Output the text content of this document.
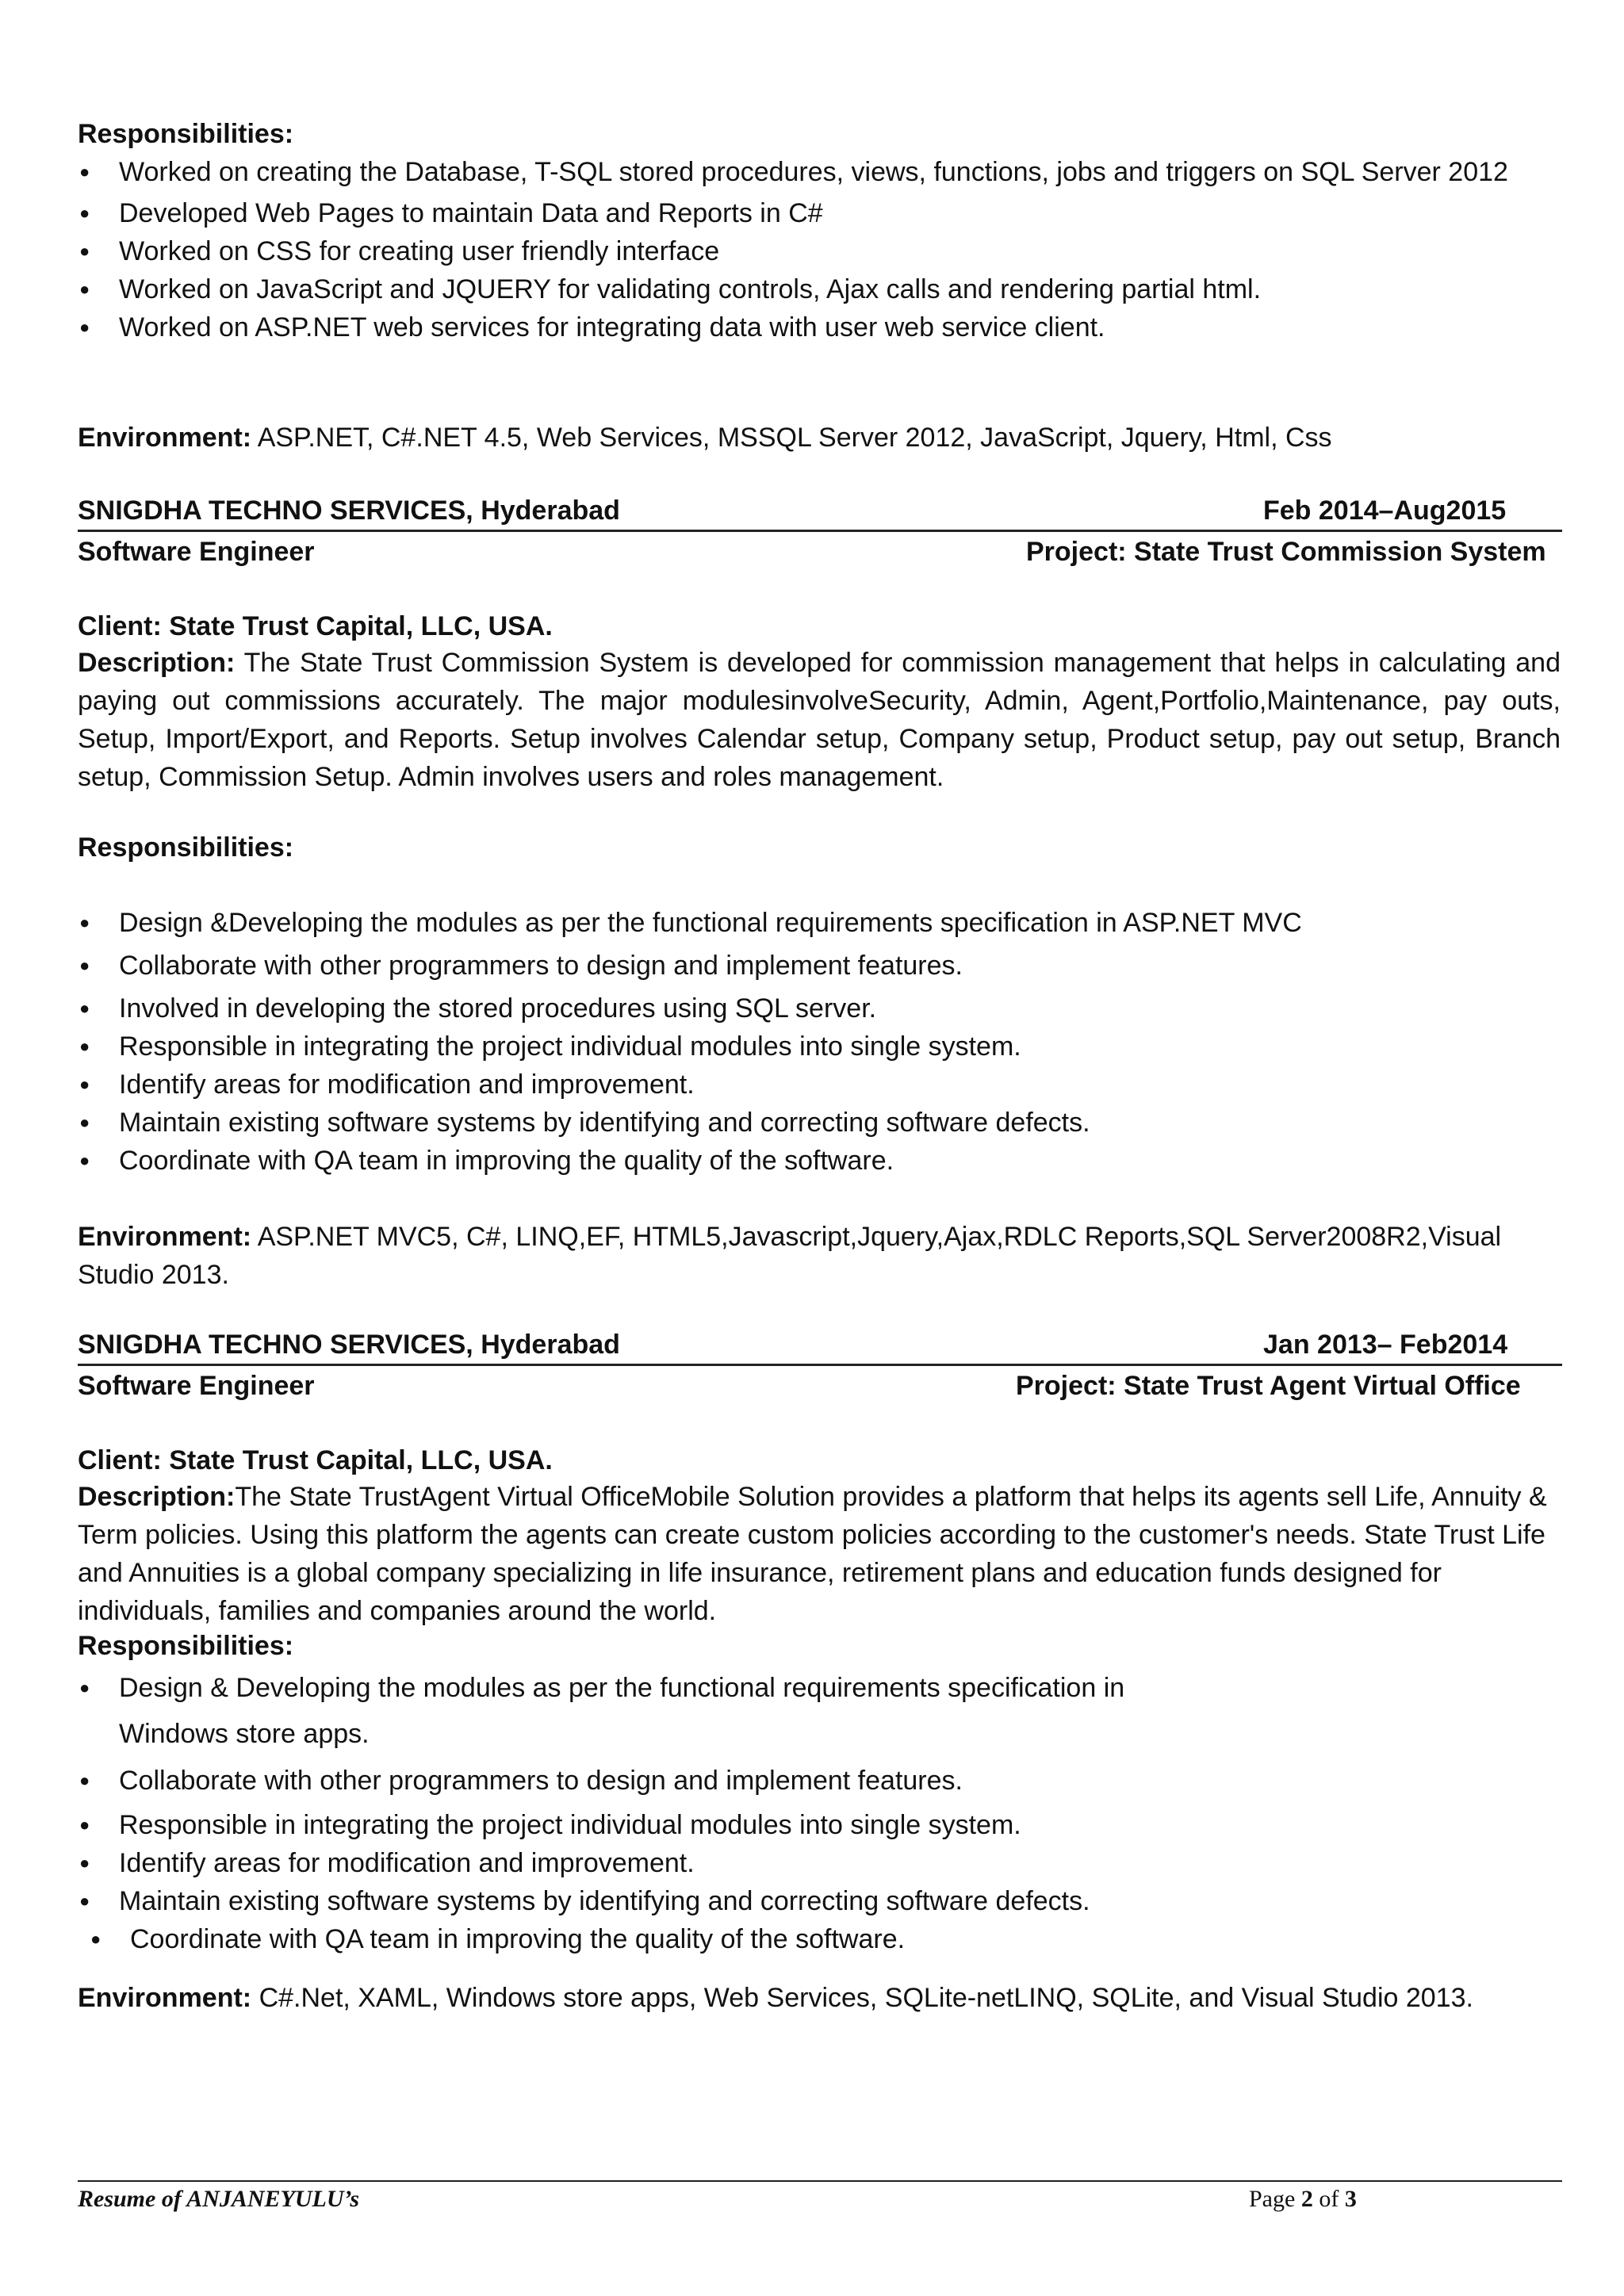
Responsibilities:
● Worked on creating the Database, T-SQL stored procedures, views, functions, jobs and triggers on SQL Server 2012
● Developed Web Pages to maintain Data and Reports in C#
● Worked on CSS for creating user friendly interface
● Worked on JavaScript and JQUERY for validating controls, Ajax calls and rendering partial html.
● Worked on ASP.NET web services for integrating data with user web service client.
Environment: ASP.NET, C#.NET 4.5, Web Services, MSSQL Server 2012, JavaScript, Jquery, Html, Css
SNIGDHA TECHNO SERVICES, Hyderabad	Feb 2014–Aug2015
Software Engineer	Project: State Trust Commission System
Client: State Trust Capital, LLC, USA.
Description: The State Trust Commission System is developed for commission management that helps in calculating and paying out commissions accurately. The major modulesinvolveSecurity, Admin, Agent,Portfolio,Maintenance, pay outs, Setup, Import/Export, and Reports. Setup involves Calendar setup, Company setup, Product setup, pay out setup, Branch setup, Commission Setup. Admin involves users and roles management.
Responsibilities:
● Design &Developing the modules as per the functional requirements specification in ASP.NET MVC
● Collaborate with other programmers to design and implement features.
● Involved in developing the stored procedures using SQL server.
● Responsible in integrating the project individual modules into single system.
● Identify areas for modification and improvement.
● Maintain existing software systems by identifying and correcting software defects.
● Coordinate with QA team in improving the quality of the software.
Environment: ASP.NET MVC5, C#, LINQ,EF, HTML5,Javascript,Jquery,Ajax,RDLC Reports,SQL Server2008R2,Visual Studio 2013.
SNIGDHA TECHNO SERVICES, Hyderabad	Jan 2013– Feb2014
Software Engineer	Project: State Trust Agent Virtual Office
Client: State Trust Capital, LLC, USA.
Description:The State TrustAgent Virtual OfficeMobile Solution provides a platform that helps its agents sell Life, Annuity & Term policies. Using this platform the agents can create custom policies according to the customer's needs. State Trust Life and Annuities is a global company specializing in life insurance, retirement plans and education funds designed for individuals, families and companies around the world.
Responsibilities:
● Design & Developing the modules as per the functional requirements specification in Windows store apps.
● Collaborate with other programmers to design and implement features.
● Responsible in integrating the project individual modules into single system.
● Identify areas for modification and improvement.
● Maintain existing software systems by identifying and correcting software defects.
● Coordinate with QA team in improving the quality of the software.
Environment: C#.Net, XAML, Windows store apps, Web Services, SQLite-netLINQ, SQLite, and Visual Studio 2013.
Resume of ANJANEYULU’s	Page 2 of 3
